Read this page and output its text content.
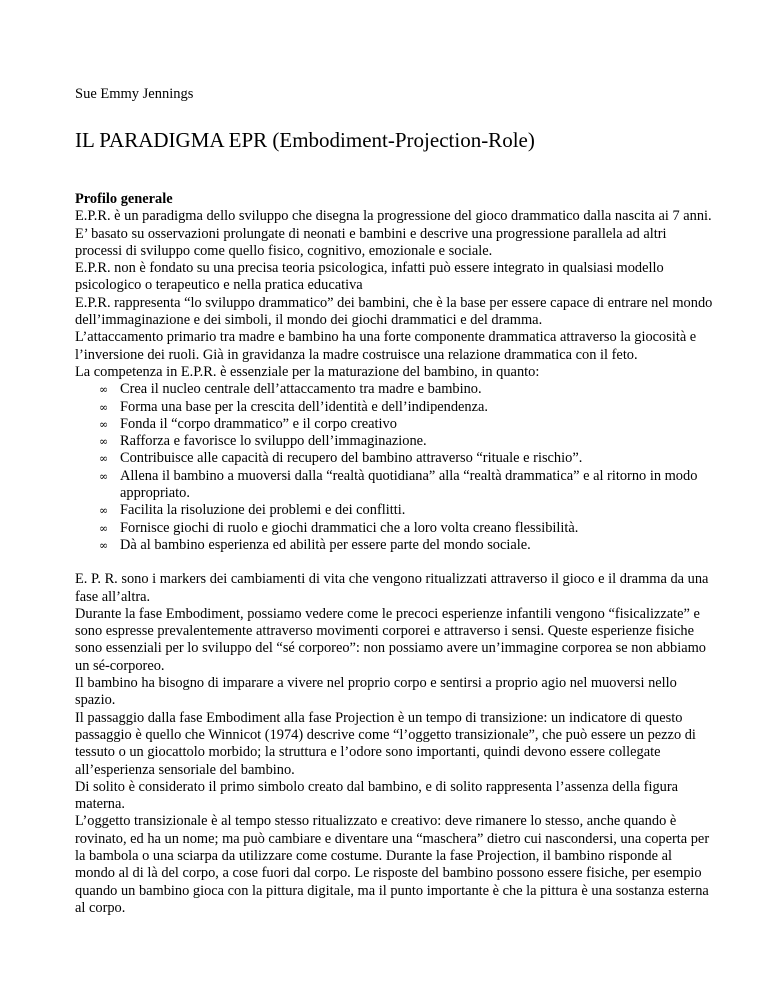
Sue Emmy Jennings

IL PARADIGMA EPR (Embodiment-Projection-Role)

Profilo generale

E.P.R. è un paradigma dello sviluppo che disegna la progressione del gioco drammatico dalla nascita ai 7 anni. E’ basato su osservazioni prolungate di neonati e bambini e descrive una progressione parallela ad altri processi di sviluppo come quello fisico, cognitivo, emozionale e sociale.

E.P.R. non è fondato su una precisa teoria psicologica, infatti può essere integrato in qualsiasi modello psicologico o terapeutico e nella pratica educativa

E.P.R. rappresenta “lo sviluppo drammatico” dei bambini, che è la base per essere capace di entrare nel mondo dell’immaginazione e dei simboli, il mondo dei giochi drammatici e del dramma.

L’attaccamento primario tra madre e bambino ha una forte componente drammatica attraverso la giocosità e l’inversione dei ruoli. Già in gravidanza la madre costruisce una relazione drammatica con il feto.

La competenza in E.P.R. è essenziale per la maturazione del bambino, in quanto:

∞ Crea il nucleo centrale dell’attaccamento tra madre e bambino.
∞ Forma una base per la crescita dell’identità e dell’indipendenza.
∞ Fonda il “corpo drammatico” e il corpo creativo
∞ Rafforza e favorisce lo sviluppo dell’immaginazione.
∞ Contribuisce alle capacità di recupero del bambino attraverso “rituale e rischio”.
∞ Allena il bambino a muoversi dalla “realtà quotidiana” alla “realtà drammatica” e al ritorno in modo appropriato.
∞ Facilita la risoluzione dei problemi e dei conflitti.
∞ Fornisce giochi di ruolo e giochi drammatici che a loro volta creano flessibilità.
∞ Dà al bambino esperienza ed abilità per essere parte del mondo sociale.

E. P. R. sono i markers dei cambiamenti di vita che vengono ritualizzati attraverso il gioco e il dramma da una fase all’altra.

Durante la fase Embodiment, possiamo vedere come le precoci esperienze infantili vengono “fisicalizzate” e sono espresse prevalentemente attraverso movimenti corporei e attraverso i sensi. Queste esperienze fisiche sono essenziali per lo sviluppo del “sé corporeo”: non possiamo avere un’immagine corporea se non abbiamo un sé-corporeo.

Il bambino ha bisogno di imparare a vivere nel proprio corpo e sentirsi a proprio agio nel muoversi nello spazio.

Il passaggio dalla fase Embodiment alla fase Projection è un tempo di transizione: un indicatore di questo passaggio è quello che Winnicot (1974) descrive come “l’oggetto transizionale”, che può essere un pezzo di tessuto o un giocattolo morbido; la struttura e l’odore sono importanti, quindi devono essere collegate all’esperienza sensoriale del bambino.

Di solito è considerato il primo simbolo creato dal bambino, e di solito rappresenta l’assenza della figura materna.

L’oggetto transizionale è al tempo stesso ritualizzato e creativo: deve rimanere lo stesso, anche quando è rovinato, ed ha un nome; ma può cambiare e diventare una “maschera” dietro cui nascondersi, una coperta per la bambola o una sciarpa da utilizzare come costume. Durante la fase Projection, il bambino risponde al mondo al di là del corpo, a cose fuori dal corpo. Le risposte del bambino possono essere fisiche, per esempio quando un bambino gioca con la pittura digitale, ma il punto importante è che la pittura è una sostanza esterna al corpo.
